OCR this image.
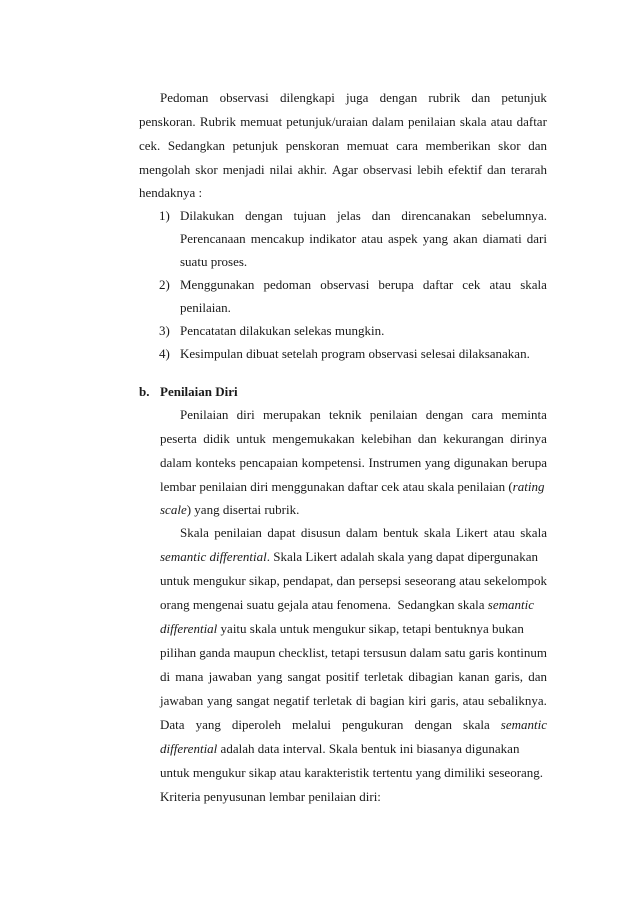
Pedoman observasi dilengkapi juga dengan rubrik dan petunjuk
penskoran. Rubrik memuat petunjuk/uraian dalam penilaian skala atau daftar
cek. Sedangkan petunjuk penskoran memuat cara memberikan skor dan
mengolah skor menjadi nilai akhir. Agar observasi lebih efektif dan terarah
hendaknya :
1) Dilakukan dengan tujuan jelas dan direncanakan sebelumnya.
Perencanaan mencakup indikator atau aspek yang akan diamati dari
suatu proses.
2) Menggunakan pedoman observasi berupa daftar cek atau skala
penilaian.
3) Pencatatan dilakukan selekas mungkin.
4) Kesimpulan dibuat setelah program observasi selesai dilaksanakan.
b. Penilaian Diri
Penilaian diri merupakan teknik penilaian dengan cara meminta
peserta didik untuk mengemukakan kelebihan dan kekurangan dirinya
dalam konteks pencapaian kompetensi. Instrumen yang digunakan berupa
lembar penilaian diri menggunakan daftar cek atau skala penilaian (rating
scale ) yang disertai rubrik.
Skala penilaian dapat disusun dalam bentuk skala Likert atau skala
semantic differential. Skala Likert adalah skala yang dapat dipergunakan
untuk mengukur sikap, pendapat, dan persepsi seseorang atau sekelompok
orang mengenai suatu gejala atau fenomena.  Sedangkan skala semantic
differential yaitu skala untuk mengukur sikap, tetapi bentuknya bukan
pilihan ganda maupun checklist, tetapi tersusun dalam satu garis kontinum
di mana jawaban yang sangat positif terletak dibagian kanan garis, dan
jawaban yang sangat negatif terletak di bagian kiri garis, atau sebaliknya.
Data yang diperoleh melalui pengukuran dengan skala semantic
differential adalah data interval. Skala bentuk ini biasanya digunakan
untuk mengukur sikap atau karakteristik tertentu yang dimiliki seseorang.
Kriteria penyusunan lembar penilaian diri:
